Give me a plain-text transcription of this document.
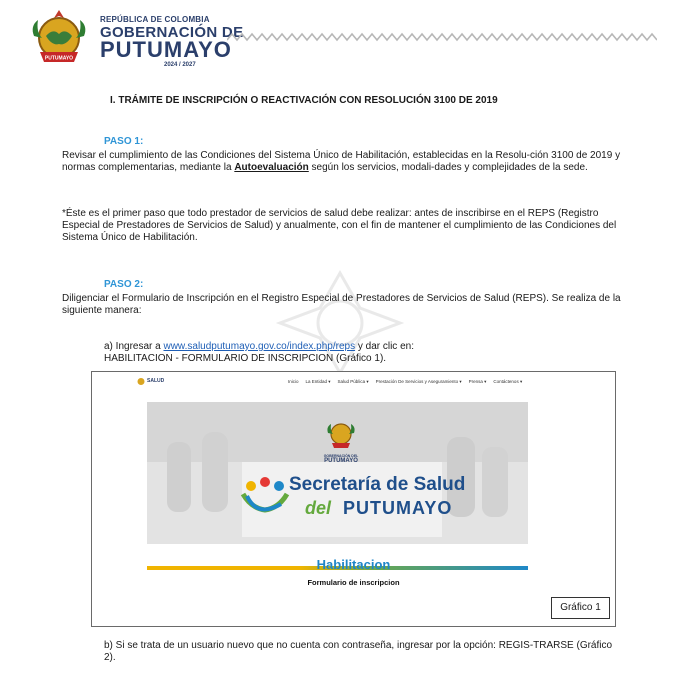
PUTUMAYO
REPÚBLICA DE COLOMBIA
GOBERNACIÓN DE
PUTUMAYO
2024 / 2027
I. TRÁMITE DE INSCRIPCIÓN O REACTIVACIÓN CON RESOLUCIÓN 3100 DE 2019
PASO 1:
Revisar el cumplimiento de las Condiciones del Sistema Único de Habilitación, establecidas en la Resolu-ción 3100 de 2019 y normas complementarias, mediante la Autoevaluación según los servicios, modali-dades y complejidades de la sede.
*Éste es el primer paso que todo prestador de servicios de salud debe realizar: antes de inscribirse en el REPS (Registro Especial de Prestadores de Servicios de Salud) y anualmente, con el fin de mantener el cumplimiento de las Condiciones del Sistema Único de Habilitación.
PASO 2:
Diligenciar el Formulario de Inscripción en el Registro Especial de Prestadores de Servicios de Salud (REPS). Se realiza de la siguiente manera:
a) Ingresar a www.saludputumayo.gov.co/index.php/reps y dar clic en:
HABILITACION - FORMULARIO DE INSCRIPCION (Gráfico 1).
SALUD	Inicio La Entidad ▾ Salud Pública ▾ Prestación De Servicios y Aseguramiento ▾ Prensa ▾ Contáctenos ▾
GOBERNACIÓN DEL
PUTUMAYO
Secretaría de Salud
del PUTUMAYO
Habilitacion
Formulario de inscripcion
Gráfico 1
b) Si se trata de un usuario nuevo que no cuenta con contraseña, ingresar por la opción: REGIS-TRARSE (Gráfico 2).
